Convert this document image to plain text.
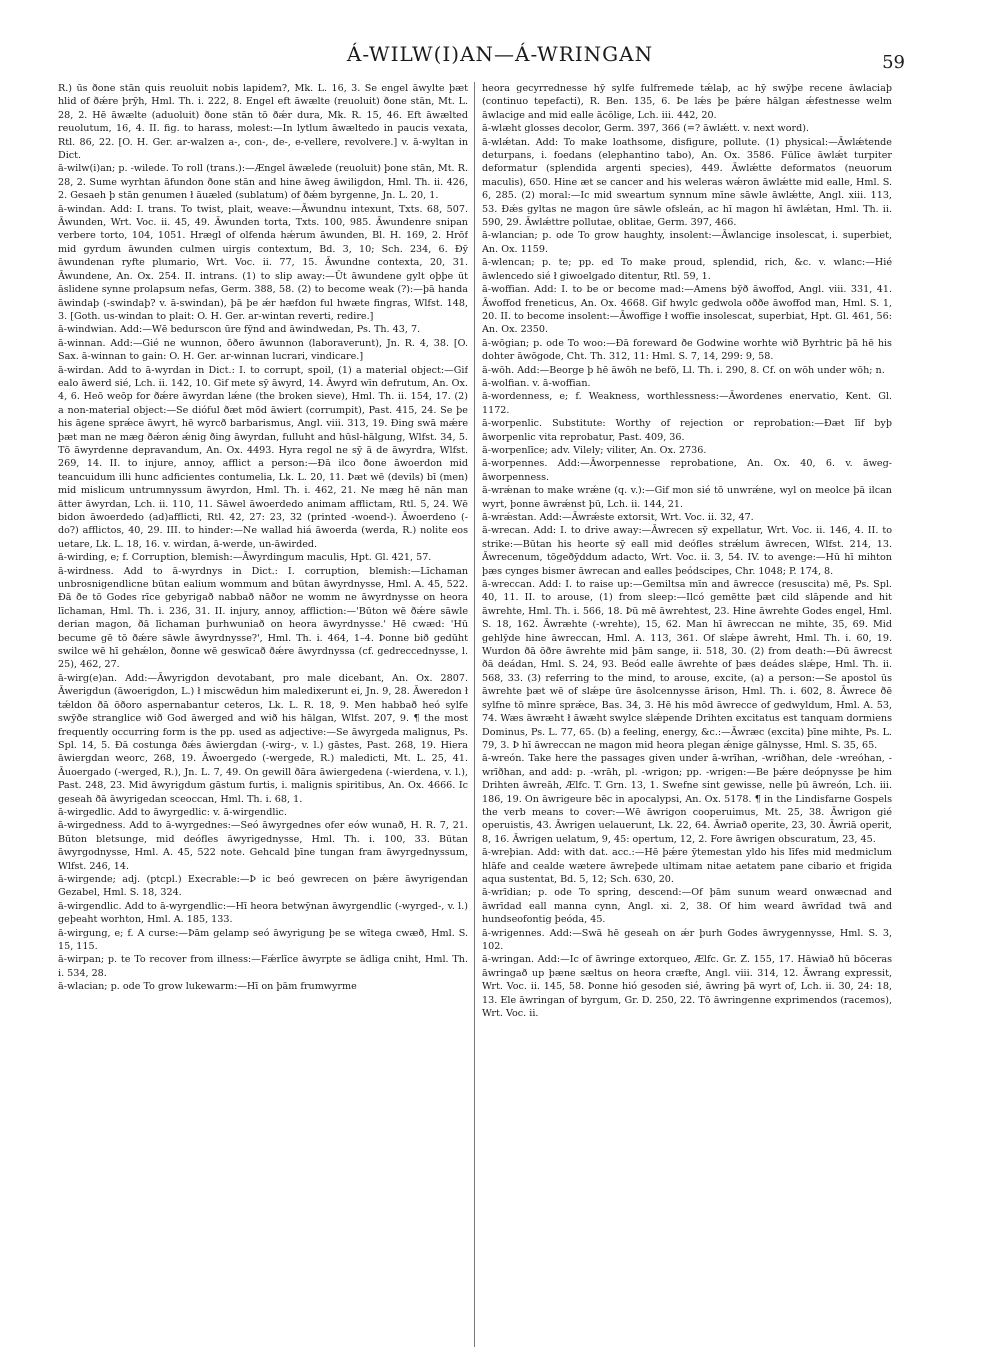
Á-WILW(I)AN—Á-WRINGAN	59

R.) ūs ðone stān quis reuoluit nobis lapidem?, Mk. L. 16, 3. Se engel āwylte þæt hlid of ðǽre þrȳh, Hml. Th. i. 222, 8. Engel eft āwælte (reuoluit) ðone stān, Mt. L. 28, 2. Hē āwælte (aduoluit) ðone stān tō ðǽr dura, Mk. R. 15, 46. Eft āwælted reuolutum, 16, 4. II. fig. to harass, molest:—In lytlum āwæltedo in paucis vexata, Rtl. 86, 22. [O. H. Ger. ar-walzen a-, con-, de-, e-vellere, revolvere.] v. ā-wyltan in Dict.

ā-wilw(i)an; p. -wilede. To roll (trans.):—Ængel āwælede (reuoluit) þone stān, Mt. R. 28, 2. Sume wyrhtan āfundon ðone stān and hine āweg āwiligdon, Hml. Th. ii. 426, 2. Gesaeh þ stān genumen ł āuæled (sublatum) of ðǽm byrgenne, Jn. L. 20, 1.

ā-windan. Add: I. trans. To twist, plait, weave:—Āwundnu intexunt, Txts. 68, 507. Āwunden, Wrt. Voc. ii. 45, 49. Āwunden torta, Txts. 100, 985. Āwundenre snipan verbere torto, 104, 1051. Hrægl of olfenda hǽrum āwunden, Bl. H. 169, 2. Hrōf mid gyrdum āwunden culmen uirgis contextum, Bd. 3, 10; Sch. 234, 6. Ðȳ āwundenan ryfte plumario, Wrt. Voc. ii. 77, 15. Āwundne contexta, 20, 31. Āwundene, An. Ox. 254. II. intrans. (1) to slip away:—Ūt āwundene gylt oþþe ūt āslidene synne prolapsum nefas, Germ. 388, 58. (2) to become weak (?):—þā handa āwindaþ (-swindaþ? v. ā-swindan), þā þe ǽr hæfdon ful hwæte fingras, Wlfst. 148, 3. [Goth. us-windan to plait: O. H. Ger. ar-wintan reverti, redire.]

ā-windwian. Add:—Wē bedurscon ūre fȳnd and āwindwedan, Ps. Th. 43, 7.

ā-winnan. Add:—Gié ne wunnon, ōðero āwunnon (laboraverunt), Jn. R. 4, 38. [O. Sax. ā-winnan to gain: O. H. Ger. ar-winnan lucrari, vindicare.]

ā-wirdan. Add to ā-wyrdan in Dict.: I. to corrupt, spoil, (1) a material object:—Gif ealo āwerd sié, Lch. ii. 142, 10. Gif mete sȳ āwyrd, 14. Āwyrd wīn defrutum, An. Ox. 4, 6. Heō weōp for ðǽre āwyrdan lǽne (the broken sieve), Hml. Th. ii. 154, 17. (2) a non-material object:—Se dióful ðæt mōd āwiert (corrumpit), Past. 415, 24. Se þe his āgene sprǽce āwyrt, hē wyrcð barbarismus, Angl. viii. 313, 19. Ðing swā mǽre þæt man ne mæg ðǽron ǽnig ðing āwyrdan, fulluht and hūsl-hālgung, Wlfst. 34, 5. Tō āwyrdenne depravandum, An. Ox. 4493. Hyra regol ne sȳ ā de āwyrdra, Wlfst. 269, 14. II. to injure, annoy, afflict a person:—Ðā ilco ðone āwoerdon mid teancuidum illi hunc adficientes contumelia, Lk. L. 20, 11. Þæt wē (devils) bī (men) mid mislicum untrumnyssum āwyrdon, Hml. Th. i. 462, 21. Ne mæg hē nān man ātter āwyrdan, Lch. ii. 110, 11. Sāwel āwoerdedo animam afflictam, Rtl. 5, 24. Wē bidon āwoerdedo (ad)afflicti, Rtl. 42, 27: 23, 32 (printed -woend-). Āwoerdeno (-do?) afflictos, 40, 29. III. to hinder:—Ne wallad hiá āwoerda (werda, R.) nolite eos uetare, Lk. L. 18, 16. v. wirdan, ā-werde, un-āwirded.

ā-wirding, e; f. Corruption, blemish:—Āwyrdingum maculis, Hpt. Gl. 421, 57.

ā-wirdness. Add to ā-wyrdnys in Dict.: I. corruption, blemish:—Līchaman unbrosnigendlicne būtan ealium wommum and būtan āwyrdnysse, Hml. A. 45, 522. Ðā ðe tō Godes rīce gebyrigað nabbað nāðor ne womm ne āwyrdnysse on heora līchaman, Hml. Th. i. 236, 31. II. injury, annoy, affliction:—'Būton wē ðǽre sāwle derian magon, ðā līchaman þurhwuniað on heora āwyrdnysse.' Hē cwæd: 'Hū becume gē tō ðǽre sāwle āwyrdnysse?', Hml. Th. i. 464, 1–4. Þonne bið gedūht swilce wē hī gehǽlon, ðonne wē geswīcað ðǽre āwyrdnyssa (cf. gedreccednysse, l. 25), 462, 27.

ā-wirg(e)an. Add:—Āwyrigdon devotabant, pro male dicebant, An. Ox. 2807. Āwerigdun (āwoerigdon, L.) ł miscwēdun him maledixerunt ei, Jn. 9, 28. Āweredon ł tǽldon ðā ōðoro aspernabantur ceteros, Lk. L. R. 18, 9. Men habbað heó sylfe swȳðe stranglice wið God āwerged and wið his hālgan, Wlfst. 207, 9. ¶ the most frequently occurring form is the pp. used as adjective:—Se āwyrgeda malignus, Ps. Spl. 14, 5. Ðā costunga ðǽs āwiergdan (-wirg-, v. l.) gāstes, Past. 268, 19. Hiera āwiergdan weorc, 268, 19. Āwoergedo (-wergede, R.) maledicti, Mt. L. 25, 41. Āuoergado (-werged, R.), Jn. L. 7, 49. On gewill ðāra āwiergedena (-wierdena, v. l.), Past. 248, 23. Mid āwyrigdum gāstum furtis, i. malignis spiritibus, An. Ox. 4666. Ic geseah ðā āwyrigedan sceoccan, Hml. Th. i. 68, 1.

ā-wirgedlic. Add to āwyrgedlic: v. ā-wirgendlic.

ā-wirgedness. Add to ā-wyrgednes:—Seó āwyrgednes ofer eów wunað, H. R. 7, 21. Būton bletsunge, mid deófles āwyrigednysse, Hml. Th. i. 100, 33. Būtan āwyrgodnysse, Hml. A. 45, 522 note. Gehcald þīne tungan fram āwyrgednyssum, Wlfst. 246, 14.

ā-wirgende; adj. (ptcpl.) Execrable:—Þ ic beó gewrecen on þǽre āwyrigendan Gezabel, Hml. S. 18, 324.

ā-wirgendlic. Add to ā-wyrgendlic:—Hī heora betwȳnan āwyrgendlic (-wyrged-, v. l.) geþeaht worhton, Hml. A. 185, 133.

ā-wirgung, e; f. A curse:—Þām gelamp seó āwyrigung þe se wītega cwæð, Hml. S. 15, 115.

ā-wirpan; p. te To recover from illness:—Fǽrlīce āwyrpte se ādliga cniht, Hml. Th. i. 534, 28.

ā-wlacian; p. ode To grow lukewarm:—Hī on þām frumwyrme

heora gecyrrednesse hȳ sylfe fulfremede tǽlaþ, ac hȳ swȳþe recene āwlaciaþ (continuo tepefacti), R. Ben. 135, 6. Þe lǽs þe þǽre hālgan ǽfestnesse welm āwlacige and mid ealle ācōlige, Lch. iii. 442, 20.

ā-wlæht glosses decolor, Germ. 397, 366 (=? āwlǽtt. v. next word).

ā-wlǽtan. Add: To make loathsome, disfigure, pollute. (1) physical:—Āwlǽtende deturpans, i. foedans (elephantino tabo), An. Ox. 3586. Fūlīce āwlǽt turpiter deformatur (splendida argenti species), 449. Āwlǽtte deformatos (neuorum maculis), 650. Hine æt se cancer and his weleras wǽron āwlǽtte mid ealle, Hml. S. 6, 285. (2) moral:—Ic mid sweartum synnum mīne sāwle āwlǽtte, Angl. xiii. 113, 53. Ðǽs gyltas ne magon ūre sāwle ofsleán, ac hī magon hī āwlǽtan, Hml. Th. ii. 590, 29. Āwlǽttre pollutae, oblitae, Germ. 397, 466.

ā-wlancian; p. ode To grow haughty, insolent:—Āwlancige insolescat, i. superbiet, An. Ox. 1159.

ā-wlencan; p. te; pp. ed To make proud, splendid, rich, &c. v. wlanc:—Hié āwlencedo sié ł giwoelgado ditentur, Rtl. 59, 1.

ā-woffian. Add: I. to be or become mad:—Amens bȳð āwoffod, Angl. viii. 331, 41. Āwoffod freneticus, An. Ox. 4668. Gif hwylc gedwola oððe āwoffod man, Hml. S. 1, 20. II. to become insolent:—Āwoffige ł woffie insolescat, superbiat, Hpt. Gl. 461, 56: An. Ox. 2350.

ā-wōgian; p. ode To woo:—Ðā foreward ðe Godwine worhte wið Byrhtric þā hē his dohter āwōgode, Cht. Th. 312, 11: Hml. S. 7, 14, 299: 9, 58.

ā-wōh. Add:—Beorge þ hē āwōh ne befō, Ll. Th. i. 290, 8. Cf. on wōh under wōh; n.

ā-wolfian. v. ā-woffian.

ā-wordenness, e; f. Weakness, worthlessness:—Āwordenes enervatio, Kent. Gl. 1172.

ā-worpenlic. Substitute: Worthy of rejection or reprobation:—Ðæt līf byþ āworpenlic vita reprobatur, Past. 409, 36.

ā-worpenlīce; adv. Vilely; viliter, An. Ox. 2736.

ā-worpennes. Add:—Āworpennesse reprobatione, An. Ox. 40, 6. v. āweg-āworpenness.

ā-wrǽnan to make wrǽne (q. v.):—Gif mon sié tō unwrǽne, wyl on meolce þā ilcan wyrt, þonne āwrǽnst þū, Lch. ii. 144, 21.

ā-wrǽstan. Add:—Āwrǽste extorsit, Wrt. Voc. ii. 32, 47.

ā-wrecan. Add: I. to drive away:—Āwrecen sȳ expellatur, Wrt. Voc. ii. 146, 4. II. to strike:—Būtan his heorte sȳ eall mid deófles strǽlum āwrecen, Wlfst. 214, 13. Āwrecenum, tōgeðȳddum adacto, Wrt. Voc. ii. 3, 54. IV. to avenge:—Hū hī mihton þæs cynges bismer āwrecan and ealles þeódscipes, Chr. 1048; P. 174, 8.

ā-wreccan. Add: I. to raise up:—Gemiltsa mīn and āwrecce (resuscita) mē, Ps. Spl. 40, 11. II. to arouse, (1) from sleep:—Ilcó gemētte þæt cild slāpende and hit āwrehte, Hml. Th. i. 566, 18. Þū mē āwrehtest, 23. Hine āwrehte Godes engel, Hml. S. 18, 162. Āwræhte (-wrehte), 15, 62. Man hī āwreccan ne mihte, 35, 69. Mid gehlȳde hine āwreccan, Hml. A. 113, 361. Of slǽpe āwreht, Hml. Th. i. 60, 19. Wurdon ðā ōðre āwrehte mid þām sange, ii. 518, 30. (2) from death:—Ðū āwrecst ðā deádan, Hml. S. 24, 93. Beód ealle āwrehte of þæs deádes slǽpe, Hml. Th. ii. 568, 33. (3) referring to the mind, to arouse, excite, (a) a person:—Se apostol ūs āwrehte þæt wē of slǽpe ūre āsolcennysse ārison, Hml. Th. i. 602, 8. Āwrece ðē sylfne tō mīnre sprǽce, Bas. 34, 3. Hē his mōd āwrecce of gedwyldum, Hml. A. 53, 74. Wæs āwræht ł āwæht swylce slǽpende Drihten excitatus est tanquam dormiens Dominus, Ps. L. 77, 65. (b) a feeling, energy, &c.:—Āwræc (excita) þīne mihte, Ps. L. 79, 3. Þ hī āwreccan ne magon mid heora plegan ǽnige gālnysse, Hml. S. 35, 65.

ā-wreón. Take here the passages given under ā-wrīhan, -wriðhan, dele -wreóhan, -wrīðhan, and add: p. -wrāh, pl. -wrigon; pp. -wrigen:—Be þǽre deópnysse þe him Drihten āwreāh, Ælfc. T. Grn. 13, 1. Swefne sint gewisse, nelle þū āwreón, Lch. iii. 186, 19. On āwrigeure bēc in apocalypsi, An. Ox. 5178. ¶ in the Lindisfarne Gospels the verb means to cover:—Wē āwrigon cooperuimus, Mt. 25, 38. Āwrigon gié operuistis, 43. Āwrigen uelauerunt, Lk. 22, 64. Āwriað operite, 23, 30. Āwriā operit, 8, 16. Āwrigen uelatum, 9, 45: opertum, 12, 2. Fore āwrigen obscuratum, 23, 45.

ā-wreþian. Add: with dat. acc.:—Hē þǽre ȳtemestan yldo his līfes mid medmiclum hlāfe and cealde wætere āwreþede ultimam nitae aetatem pane cibario et frigida aqua sustentat, Bd. 5, 12; Sch. 630, 20.

ā-wrīdian; p. ode To spring, descend:—Of þām sunum weard onwæcnad and āwrīdad eall manna cynn, Angl. xi. 2, 38. Of him weard āwrīdad twā and hundseofontig þeóda, 45.

ā-wrigennes. Add:—Swā hē geseah on ǽr þurh Godes āwrygennysse, Hml. S. 3, 102.

ā-wringan. Add:—Ic of āwringe extorqueo, Ælfc. Gr. Z. 155, 17. Hāwiað hū bōceras āwringað up þæne sæltus on heora cræfte, Angl. viii. 314, 12. Āwrang expressit, Wrt. Voc. ii. 145, 58. Þonne hió gesoden sié, āwring þā wyrt of, Lch. ii. 30, 24: 18, 13. Ele āwringan of byrgum, Gr. D. 250, 22. Tō āwringenne exprimendos (racemos), Wrt. Voc. ii.
